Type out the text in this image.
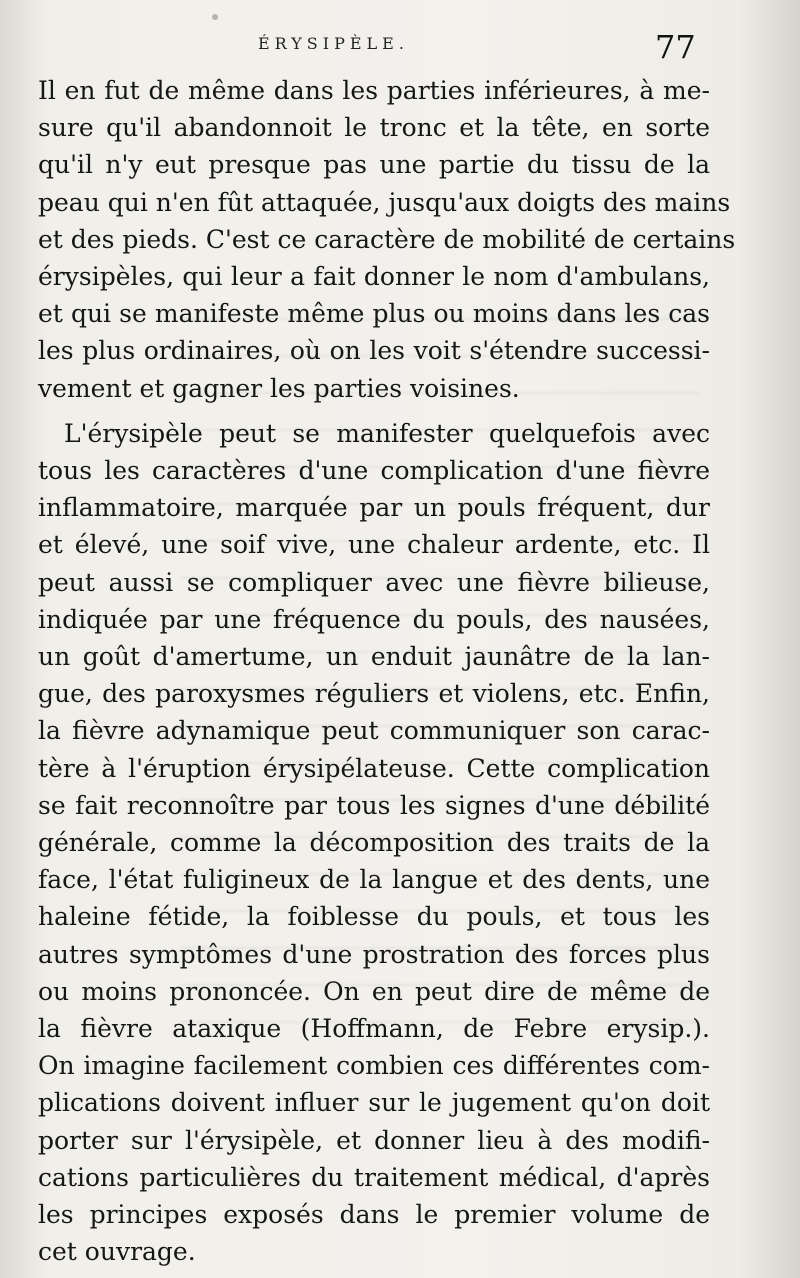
ÉRYSIPÈLE.	77
Il en fut de même dans les parties inférieures, à me-
sure qu'il abandonnoit le tronc et la tête, en sorte
qu'il n'y eut presque pas une partie du tissu de la
peau qui n'en fût attaquée, jusqu'aux doigts des mains
et des pieds. C'est ce caractère de mobilité de certains
érysipèles, qui leur a fait donner le nom d'ambulans,
et qui se manifeste même plus ou moins dans les cas
les plus ordinaires, où on les voit s'étendre successi-
vement et gagner les parties voisines.
L'érysipèle peut se manifester quelquefois avec
tous les caractères d'une complication d'une fièvre
inflammatoire, marquée par un pouls fréquent, dur
et élevé, une soif vive, une chaleur ardente, etc. Il
peut aussi se compliquer avec une fièvre bilieuse,
indiquée par une fréquence du pouls, des nausées,
un goût d'amertume, un enduit jaunâtre de la lan-
gue, des paroxysmes réguliers et violens, etc. Enfin,
la fièvre adynamique peut communiquer son carac-
tère à l'éruption érysipélateuse. Cette complication
se fait reconnoître par tous les signes d'une débilité
générale, comme la décomposition des traits de la
face, l'état fuligineux de la langue et des dents, une
haleine fétide, la foiblesse du pouls, et tous les
autres symptômes d'une prostration des forces plus
ou moins prononcée. On en peut dire de même de
la fièvre ataxique (Hoffmann, de Febre erysip.).
On imagine facilement combien ces différentes com-
plications doivent influer sur le jugement qu'on doit
porter sur l'érysipèle, et donner lieu à des modifi-
cations particulières du traitement médical, d'après
les principes exposés dans le premier volume de
cet ouvrage.
